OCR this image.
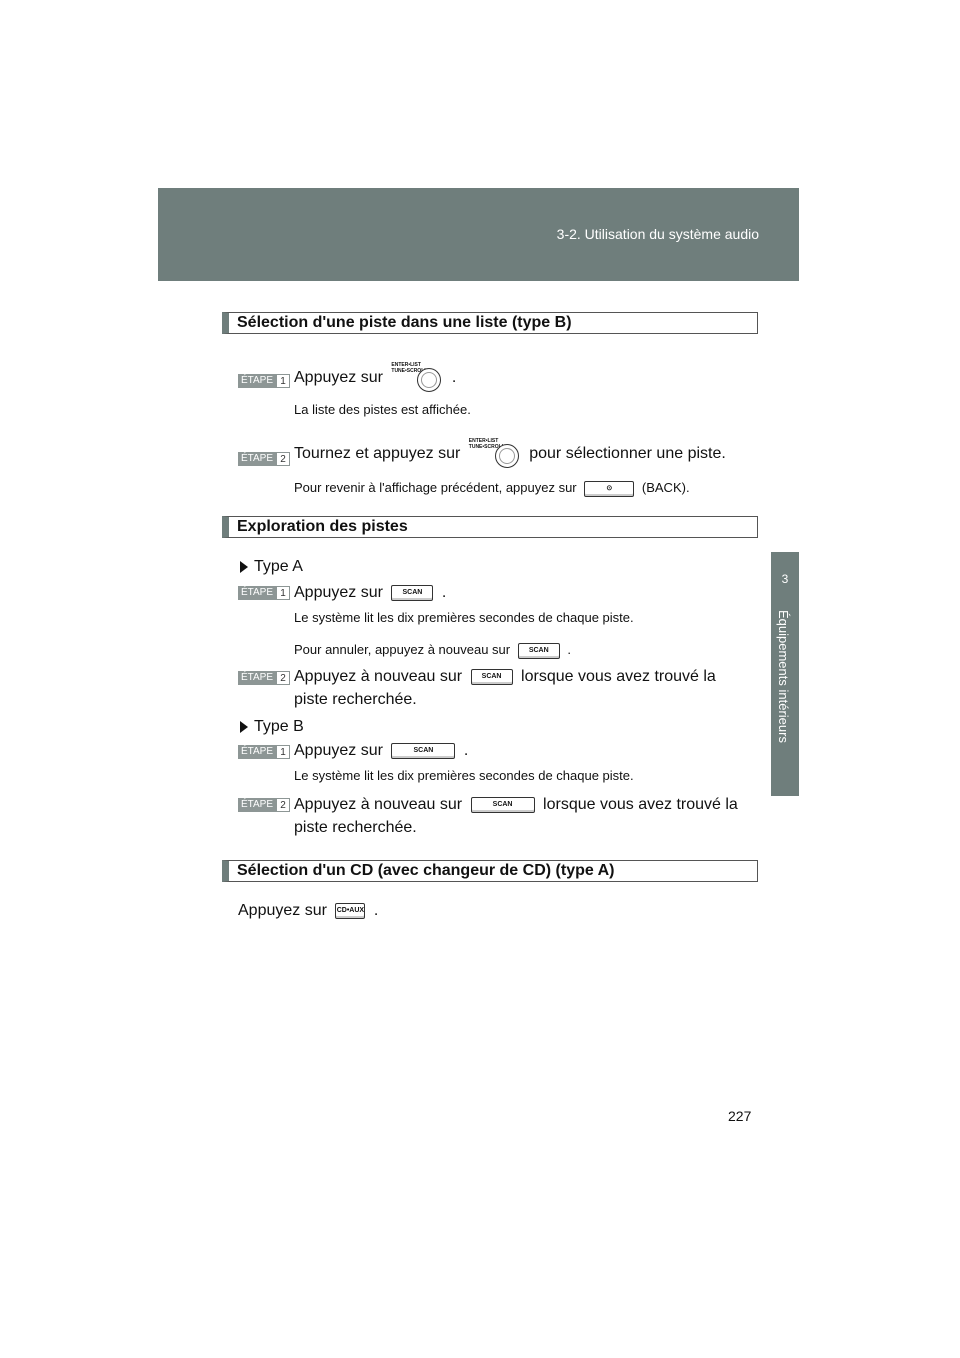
3-2. Utilisation du système audio
3
Équipements intérieurs
Sélection d'une piste dans une liste (type B)
ÉTAPE 1 Appuyez sur
ENTER•LIST
TUNE•SCROLL .
La liste des pistes est affichée.
ÉTAPE 2 Tournez et appuyez sur
ENTER•LIST
TUNE•SCROLL pour sélectionner une piste.
Pour revenir à l'affichage précédent, appuyez sur	⊙ (BACK).
Exploration des pistes
Type A
ÉTAPE 1 Appuyez sur	SCAN .
Le système lit les dix premières secondes de chaque piste.
Pour annuler, appuyez à nouveau sur	SCAN .
ÉTAPE 2 Appuyez à nouveau sur	SCAN lorsque vous avez trouvé la
piste recherchée.
Type B
ÉTAPE 1 Appuyez sur	SCAN .
Le système lit les dix premières secondes de chaque piste.
ÉTAPE 2 Appuyez à nouveau sur	SCAN lorsque vous avez trouvé la
piste recherchée.
Sélection d'un CD (avec changeur de CD) (type A)
Appuyez sur CD•AUX .
227
